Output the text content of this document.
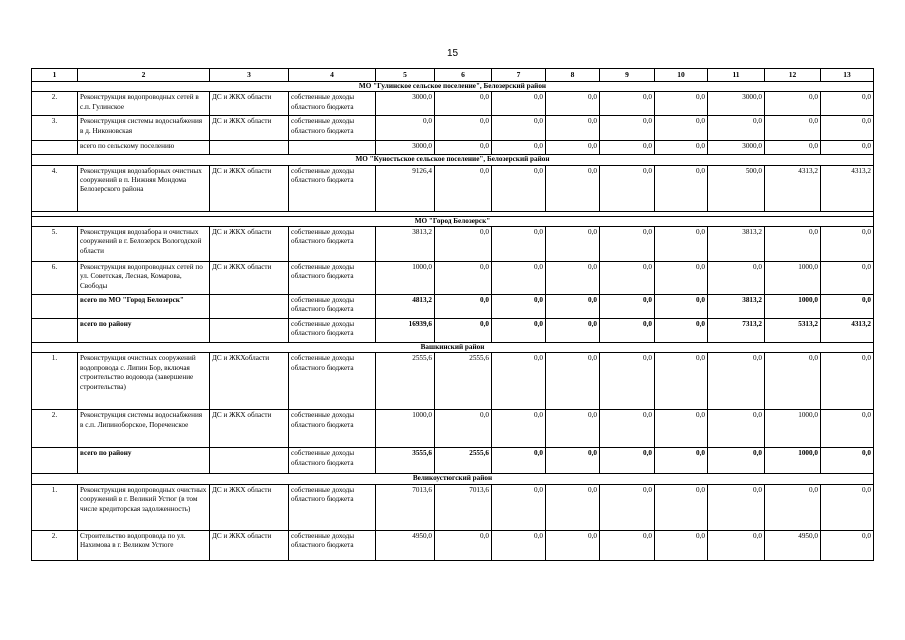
15
1	2	3	4	5	6	7	8	9	10	11	12	13
МО "Гулинское сельское поселение", Белозерский район												
2.	Реконструкция водопроводных сетей в с.п. Гулинское	ДС и ЖКХ области	собственные доходы областного бюджета	3000,0	0,0	0,0	0,0	0,0	0,0	3000,0	0,0	0,0
3.	Реконструкция системы водоснабжения в д. Никоновская	ДС и ЖКХ области	собственные доходы областного бюджета	0,0	0,0	0,0	0,0	0,0	0,0	0,0	0,0	0,0
	всего по сельскому поселению			3000,0	0,0	0,0	0,0	0,0	0,0	3000,0	0,0	0,0
МО "Куностьское сельское поселение", Белозерский район												
4.	Реконструкция водозаборных очистных сооружений в п. Нижняя Мондома Белозерского района	ДС и ЖКХ области	собственные доходы областного бюджета	9126,4	0,0	0,0	0,0	0,0	0,0	500,0	4313,2	4313,2

МО "Город Белозерск"												
5.	Реконструкция водозабора и очистных сооружений в г. Белозерск Вологодской области	ДС и ЖКХ области	собственные доходы областного бюджета	3813,2	0,0	0,0	0,0	0,0	0,0	3813,2	0,0	0,0
6.	Реконструкция водопроводных сетей по ул. Советская, Лесная, Комарова, Свободы	ДС и ЖКХ области	собственные доходы областного бюджета	1000,0	0,0	0,0	0,0	0,0	0,0	0,0	1000,0	0,0
	всего по МО "Город Белозерск"		собственные доходы областного бюджета	4813,2	0,0	0,0	0,0	0,0	0,0	3813,2	1000,0	0,0
	всего по району		собственные доходы областного бюджета	16939,6	0,0	0,0	0,0	0,0	0,0	7313,2	5313,2	4313,2
Вашкинский район												
1.	Реконструкция очистных сооружений водопровода с. Липин Бор, включая строительство водовода (завершение строительства)	ДС и ЖКХобласти	собственные доходы областного бюджета	2555,6	2555,6	0,0	0,0	0,0	0,0	0,0	0,0	0,0
2.	Реконструкция системы водоснабжения в с.п. Липиноборское, Пореченское	ДС и ЖКХ области	собственные доходы областного бюджета	1000,0	0,0	0,0	0,0	0,0	0,0	0,0	1000,0	0,0
	всего по району		собственные доходы областного бюджета	3555,6	2555,6	0,0	0,0	0,0	0,0	0,0	1000,0	0,0
Великоустюгский район												
1.	Реконструкция водопроводных очистных сооружений в г. Великий Устюг (в том числе кредиторская задолженность)	ДС и ЖКХ области	собственные доходы областного бюджета	7013,6	7013,6	0,0	0,0	0,0	0,0	0,0	0,0	0,0
2.	Строительство водопровода по ул. Нахимова в г. Великом Устюге	ДС и ЖКХ области	собственные доходы областного бюджета	4950,0	0,0	0,0	0,0	0,0	0,0	0,0	4950,0	0,0
